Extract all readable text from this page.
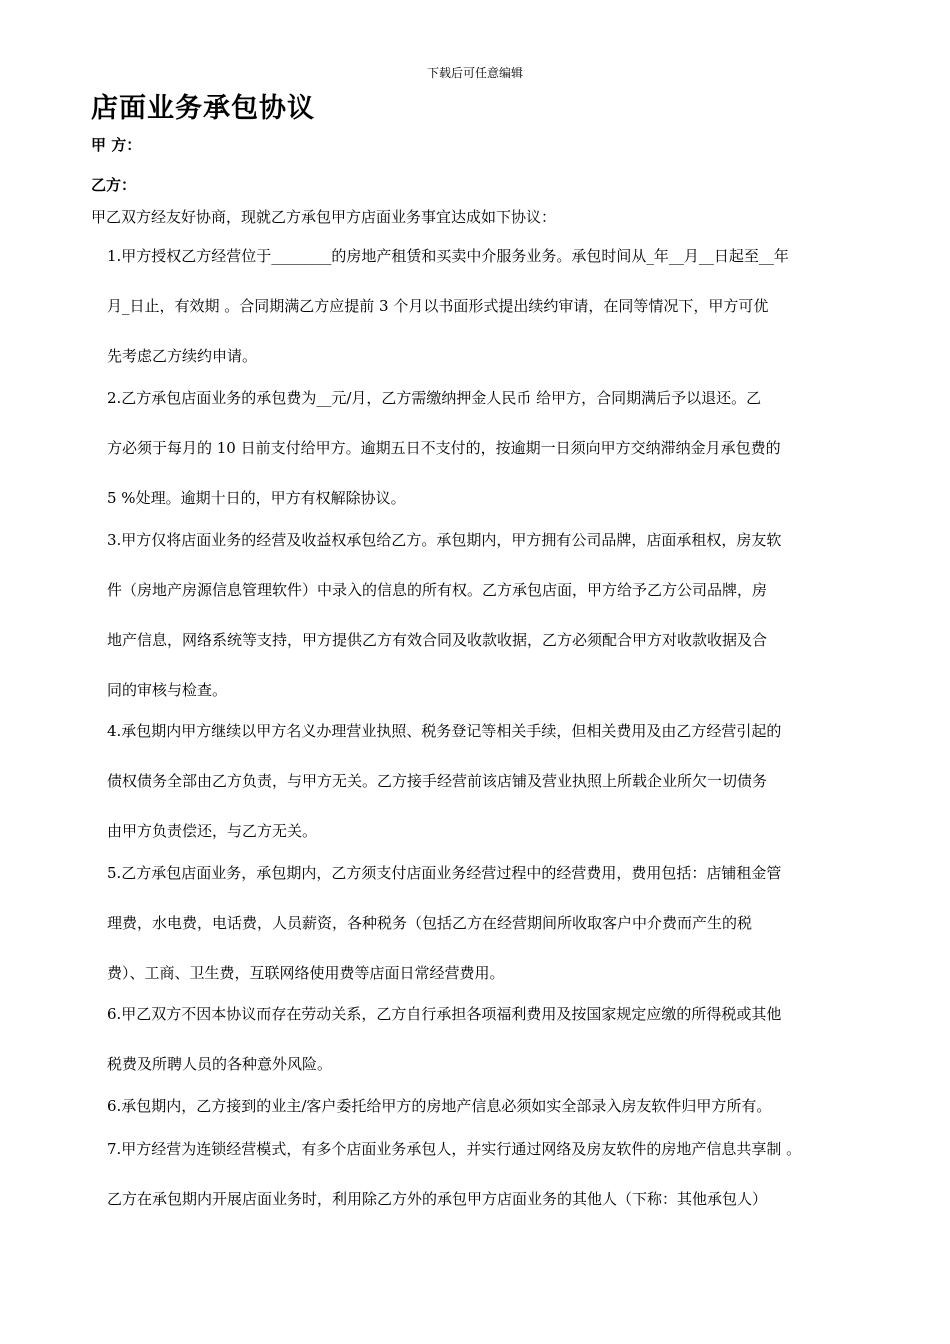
下载后可任意编辑
店面业务承包协议
甲 方：
乙方：
甲乙双方经友好协商，现就乙方承包甲方店面业务事宜达成如下协议：
1.甲方授权乙方经营位于________的房地产租赁和买卖中介服务业务。承包时间从_年__月__日起至__年
月_日止，有效期 。合同期满乙方应提前 3 个月以书面形式提出续约审请，在同等情况下，甲方可优
先考虑乙方续约申请。
2.乙方承包店面业务的承包费为__元/月，乙方需缴纳押金人民币 给甲方，合同期满后予以退还。乙
方必须于每月的 10 日前支付给甲方。逾期五日不支付的，按逾期一日须向甲方交纳滞纳金月承包费的
5 %处理。逾期十日的，甲方有权解除协议。
3.甲方仅将店面业务的经营及收益权承包给乙方。承包期内，甲方拥有公司品牌，店面承租权，房友软
件（房地产房源信息管理软件）中录入的信息的所有权。乙方承包店面，甲方给予乙方公司品牌，房
地产信息，网络系统等支持，甲方提供乙方有效合同及收款收据，乙方必须配合甲方对收款收据及合
同的审核与检查。
4.承包期内甲方继续以甲方名义办理营业执照、税务登记等相关手续，但相关费用及由乙方经营引起的
债权债务全部由乙方负责，与甲方无关。乙方接手经营前该店铺及营业执照上所载企业所欠一切债务
由甲方负责偿还，与乙方无关。
5.乙方承包店面业务，承包期内，乙方须支付店面业务经营过程中的经营费用，费用包括：店铺租金管
理费，水电费，电话费，人员薪资，各种税务（包括乙方在经营期间所收取客户中介费而产生的税
费）、工商、卫生费，互联网络使用费等店面日常经营费用。
6.甲乙双方不因本协议而存在劳动关系，乙方自行承担各项福利费用及按国家规定应缴的所得税或其他
税费及所聘人员的各种意外风险。
6.承包期内，乙方接到的业主/客户委托给甲方的房地产信息必须如实全部录入房友软件归甲方所有。
7.甲方经营为连锁经营模式，有多个店面业务承包人，并实行通过网络及房友软件的房地产信息共享制 。
乙方在承包期内开展店面业务时，利用除乙方外的承包甲方店面业务的其他人（下称：其他承包人）
